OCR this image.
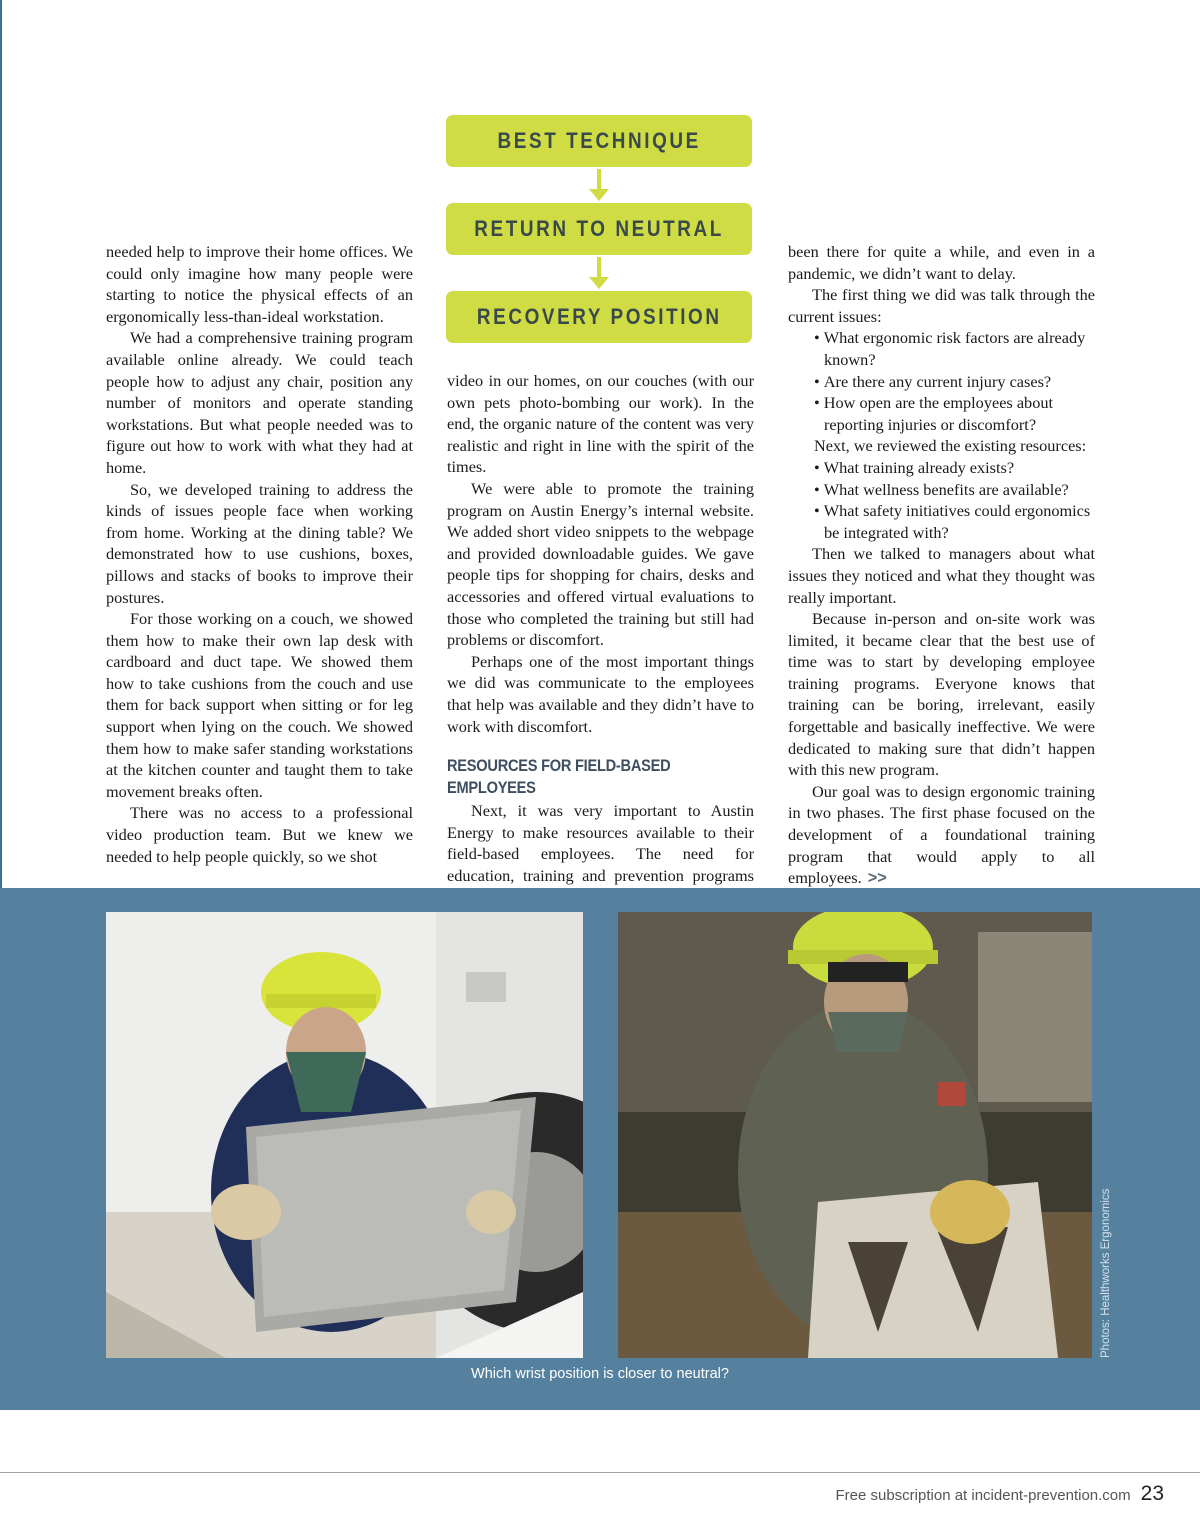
BEST TECHNIQUE
RETURN TO NEUTRAL
RECOVERY POSITION

needed help to improve their home offices. We could only imagine how many people were starting to notice the physical effects of an ergonomically less-than-ideal workstation.

We had a comprehensive training program available online already. We could teach people how to adjust any chair, position any number of monitors and operate standing workstations. But what people needed was to figure out how to work with what they had at home.

So, we developed training to address the kinds of issues people face when working from home. Working at the dining table? We demonstrated how to use cushions, boxes, pillows and stacks of books to improve their postures.

For those working on a couch, we showed them how to make their own lap desk with cardboard and duct tape. We showed them how to take cushions from the couch and use them for back support when sitting or for leg support when lying on the couch. We showed them how to make safer standing workstations at the kitchen counter and taught them to take movement breaks often.

There was no access to a professional video production team. But we knew we needed to help people quickly, so we shot

video in our homes, on our couches (with our own pets photo-bombing our work). In the end, the organic nature of the content was very realistic and right in line with the spirit of the times.

We were able to promote the training program on Austin Energy’s internal website. We added short video snippets to the webpage and provided downloadable guides. We gave people tips for shopping for chairs, desks and accessories and offered virtual evaluations to those who completed the training but still had problems or discomfort.

Perhaps one of the most important things we did was communicate to the employees that help was available and they didn’t have to work with discomfort.

RESOURCES FOR FIELD-BASED EMPLOYEES

Next, it was very important to Austin Energy to make resources available to their field-based employees. The need for education, training and prevention programs

been there for quite a while, and even in a pandemic, we didn’t want to delay.

The first thing we did was talk through the current issues:

• What ergonomic risk factors are already known?

• Are there any current injury cases?

• How open are the employees about reporting injuries or discomfort?

Next, we reviewed the existing resources:

• What training already exists?

• What wellness benefits are available?

• What safety initiatives could ergonomics be integrated with?

Then we talked to managers about what issues they noticed and what they thought was really important.

Because in-person and on-site work was limited, it became clear that the best use of time was to start by developing employee training programs. Everyone knows that training can be boring, irrelevant, easily forgettable and basically ineffective. We were dedicated to making sure that didn’t happen with this new program.

Our goal was to design ergonomic training in two phases. The first phase focused on the development of a foundational training program that would apply to all employees. >>

Which wrist position is closer to neutral?
Photos: Healthworks Ergonomics
Free subscription at incident-prevention.com 23
